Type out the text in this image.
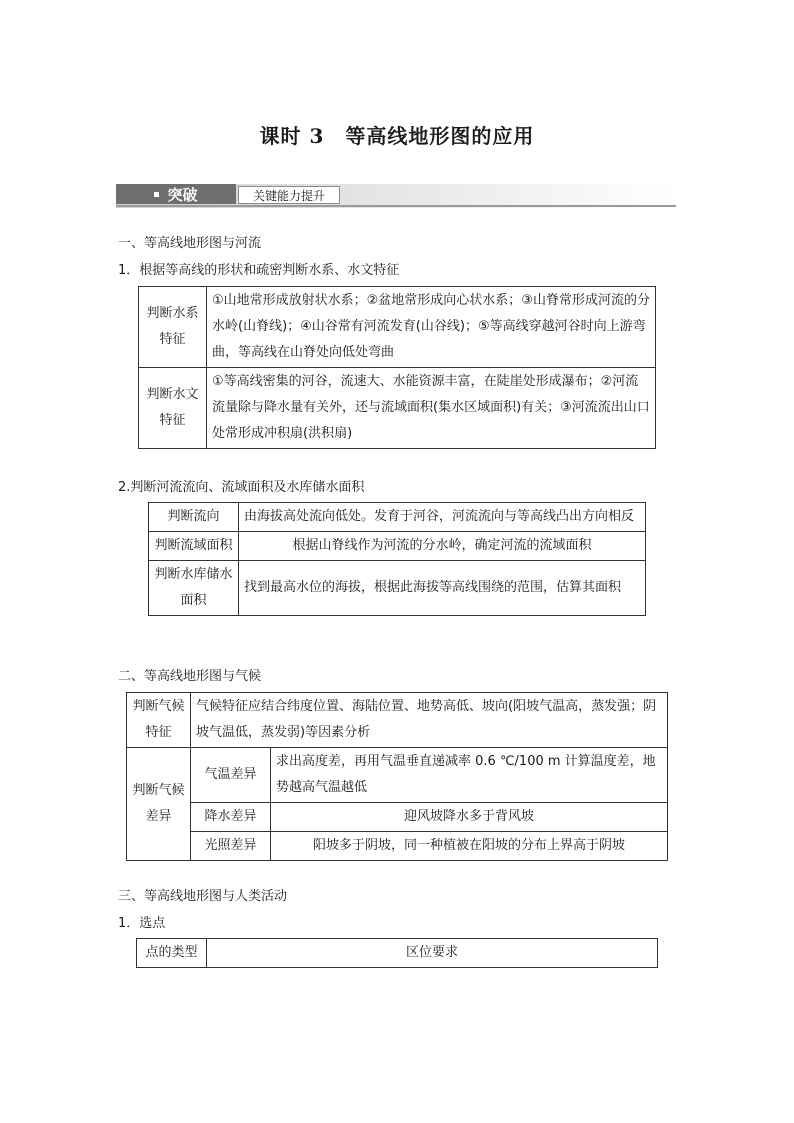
课时 3　等高线地形图的应用
突破	关键能力提升
一、等高线地形图与河流
1．根据等高线的形状和疏密判断水系、水文特征
判断水系特征	①山地常形成放射状水系；②盆地常形成向心状水系；③山脊常形成河流的分水岭(山脊线)；④山谷常有河流发育(山谷线)；⑤等高线穿越河谷时向上游弯曲，等高线在山脊处向低处弯曲
判断水文特征	①等高线密集的河谷，流速大、水能资源丰富，在陡崖处形成瀑布；②河流流量除与降水量有关外，还与流域面积(集水区域面积)有关；③河流流出山口处常形成冲积扇(洪积扇)
2.判断河流流向、流域面积及水库储水面积
判断流向	由海拔高处流向低处。发育于河谷，河流流向与等高线凸出方向相反
判断流域面积	根据山脊线作为河流的分水岭，确定河流的流域面积
判断水库储水面积	找到最高水位的海拔，根据此海拔等高线围绕的范围，估算其面积
二、等高线地形图与气候
判断气候特征	气候特征应结合纬度位置、海陆位置、地势高低、坡向(阳坡气温高，蒸发强；阴坡气温低，蒸发弱)等因素分析	
判断气候差异	气温差异	求出高度差，再用气温垂直递减率 0.6 ℃/100 m 计算温度差，地势越高气温越低
	降水差异	迎风坡降水多于背风坡
	光照差异	阳坡多于阴坡，同一种植被在阳坡的分布上界高于阴坡
三、等高线地形图与人类活动
1．选点
点的类型	区位要求
